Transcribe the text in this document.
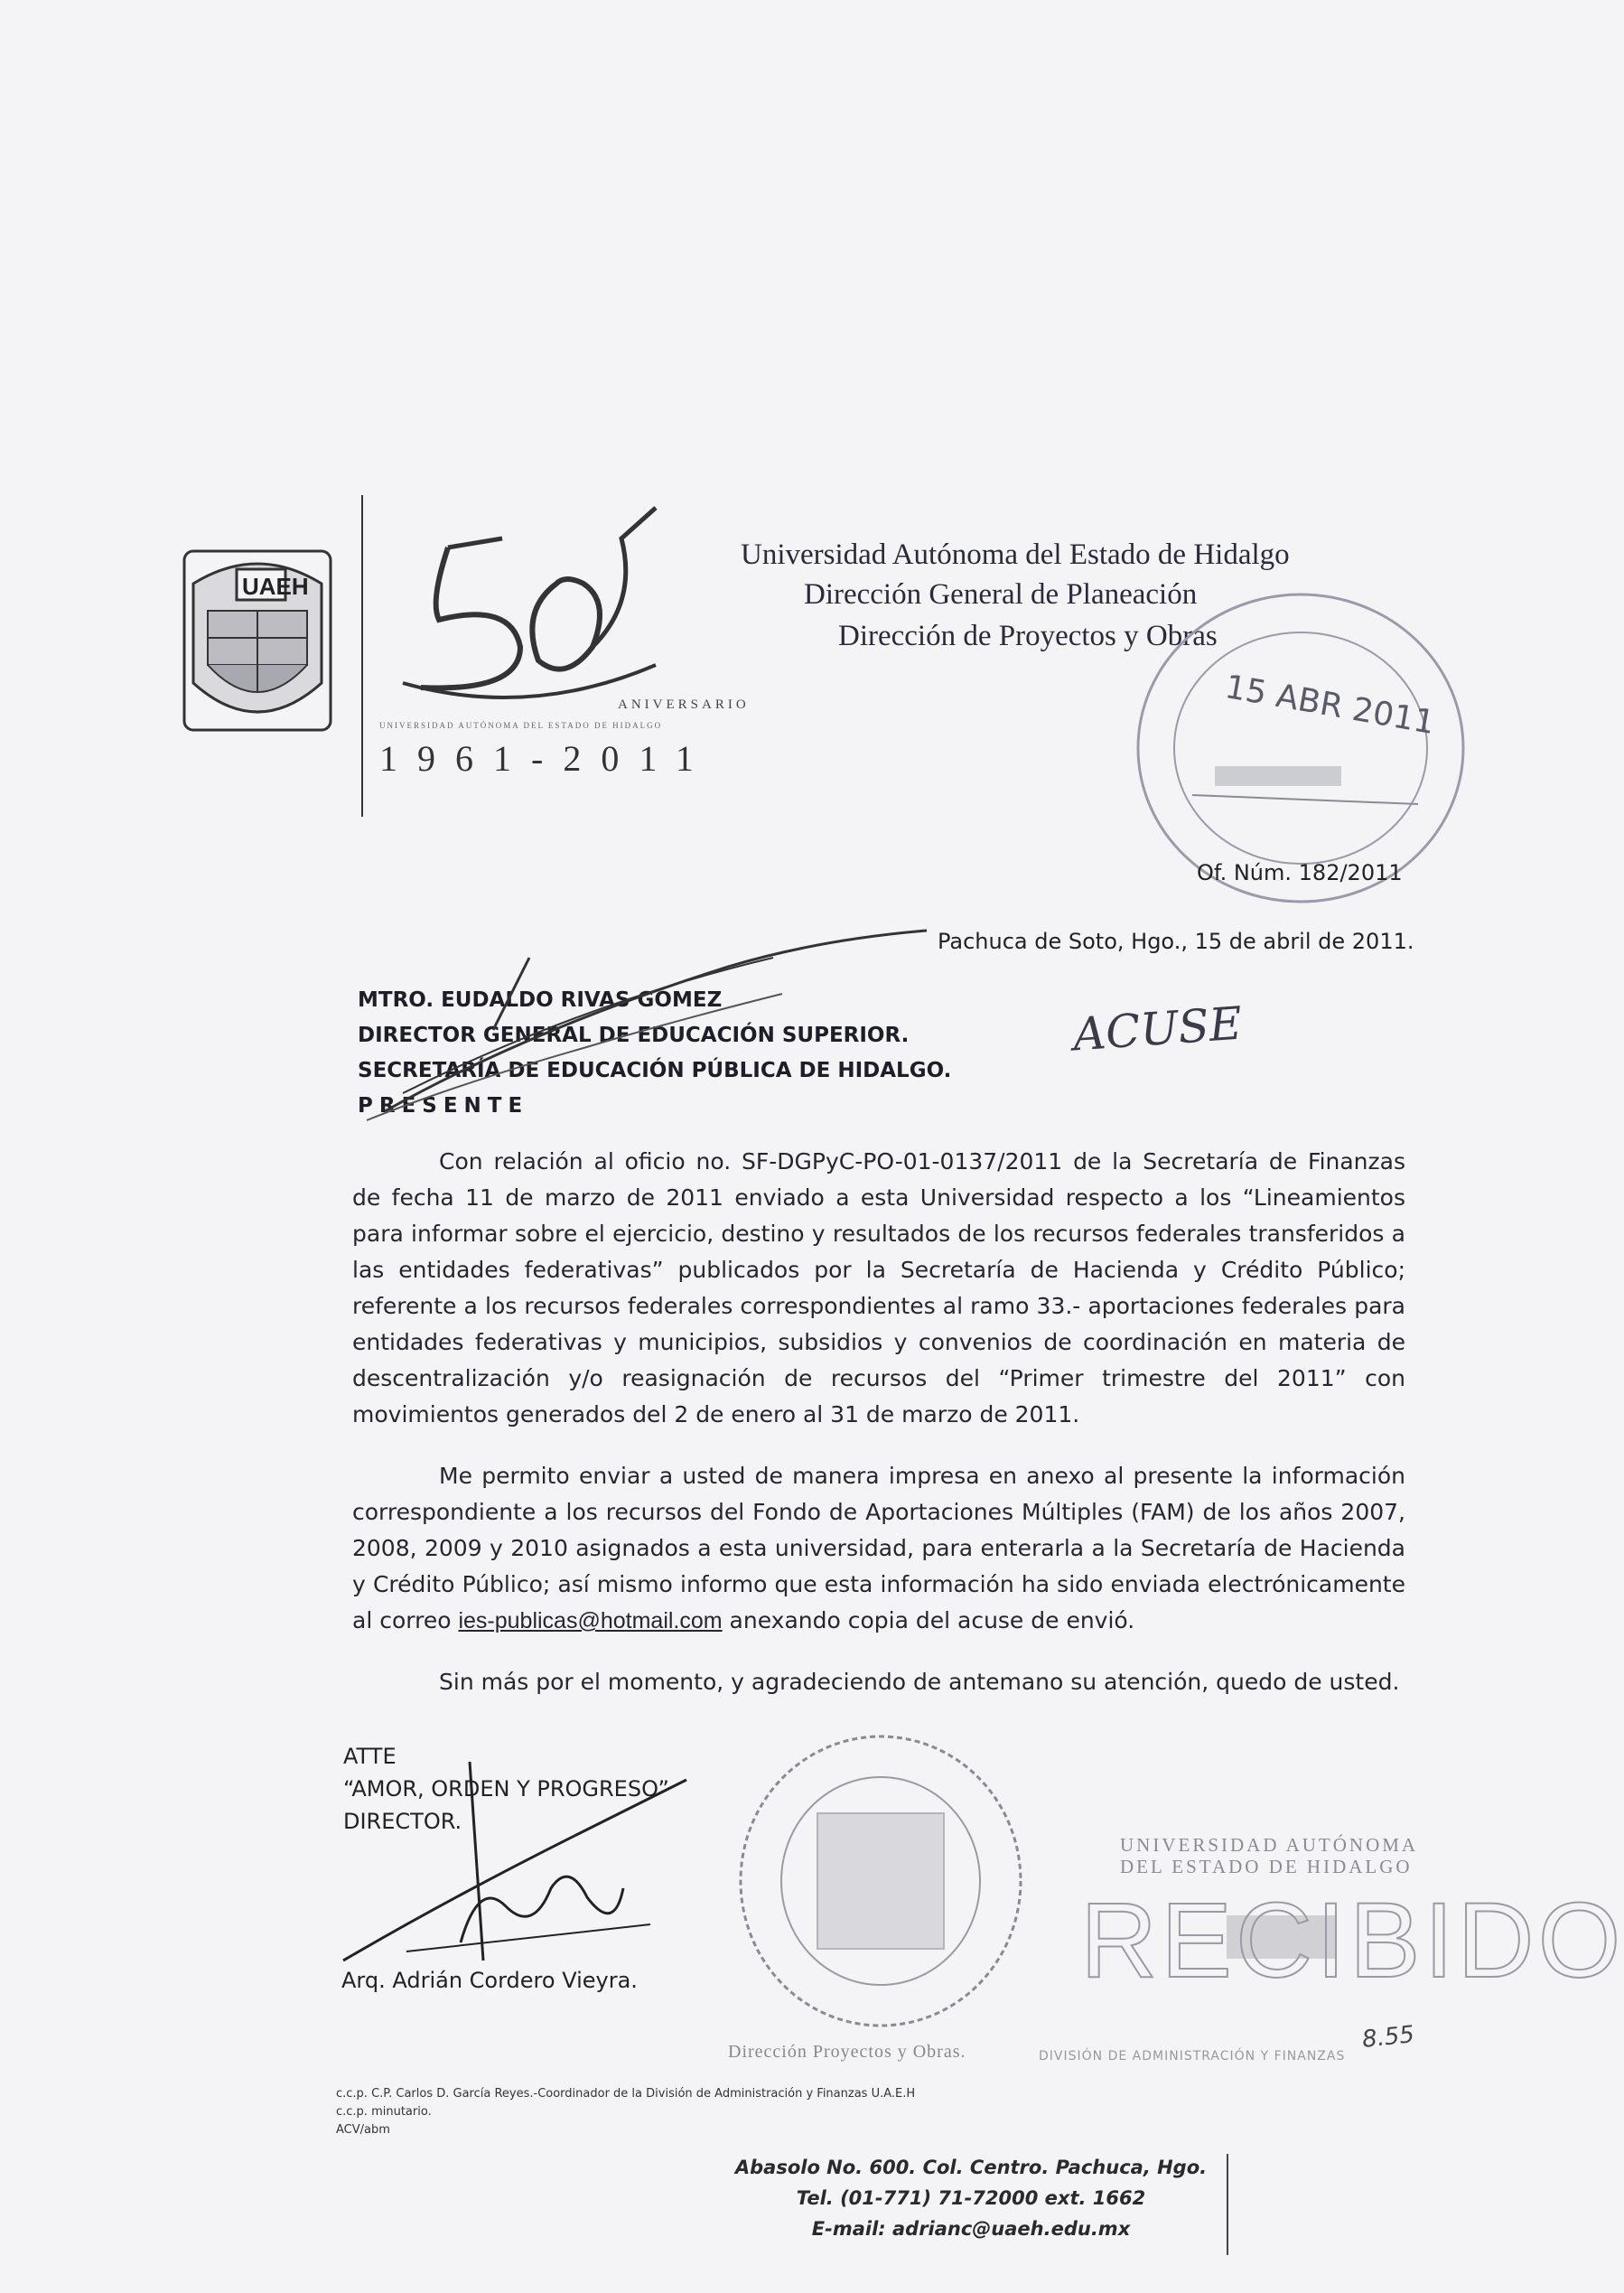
UAEH
ANIVERSARIO
UNIVERSIDAD AUTÓNOMA DEL ESTADO DE HIDALGO
1961-2011
Universidad Autónoma del Estado de Hidalgo
Dirección General de Planeación
Dirección de Proyectos y Obras
15 ABR 2011
Of. Núm. 182/2011
Pachuca de Soto, Hgo., 15 de abril de 2011.
ACUSE
MTRO. EUDALDO RIVAS GÓMEZ
DIRECTOR GENERAL DE EDUCACIÓN SUPERIOR.
SECRETARÍA DE EDUCACIÓN PÚBLICA DE HIDALGO.
PRESENTE

Con relación al oficio no. SF-DGPyC-PO-01-0137/2011 de la Secretaría de Finanzas de fecha 11 de marzo de 2011 enviado a esta Universidad respecto a los “Lineamientos para informar sobre el ejercicio, destino y resultados de los recursos federales transferidos a las entidades federativas” publicados por la Secretaría de Hacienda y Crédito Público; referente a los recursos federales correspondientes al ramo 33.- aportaciones federales para entidades federativas y municipios, subsidios y convenios de coordinación en materia de descentralización y/o reasignación de recursos del “Primer trimestre del 2011” con movimientos generados del 2 de enero al 31 de marzo de 2011.

Me permito enviar a usted de manera impresa en anexo al presente la información correspondiente a los recursos del Fondo de Aportaciones Múltiples (FAM) de los años 2007, 2008, 2009 y 2010 asignados a esta universidad, para enterarla a la Secretaría de Hacienda y Crédito Público; así mismo informo que esta información ha sido enviada electrónicamente al correo ies-publicas@hotmail.com anexando copia del acuse de envió.

Sin más por el momento, y agradeciendo de antemano su atención, quedo de usted.

ATTE
“AMOR, ORDEN Y PROGRESO”
DIRECTOR.
Arq. Adrián Cordero Vieyra.
Dirección Proyectos y Obras.
UNIVERSIDAD AUTÓNOMA
DEL ESTADO DE HIDALGO
RECIBIDO
DIVISIÓN DE ADMINISTRACIÓN Y FINANZAS
8.55
c.c.p. C.P. Carlos D. García Reyes.-Coordinador de la División de Administración y Finanzas U.A.E.H
c.c.p. minutario.
ACV/abm
Abasolo No. 600. Col. Centro. Pachuca, Hgo.
Tel. (01-771) 71-72000 ext. 1662
E-mail: adrianc@uaeh.edu.mx
